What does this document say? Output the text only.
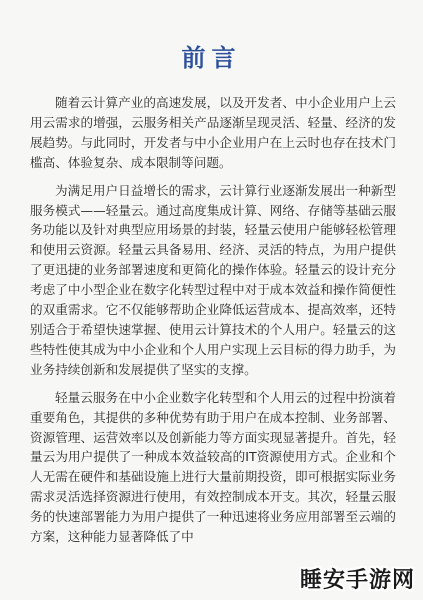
前言

随着云计算产业的高速发展，以及开发者、中小企业用户上云用云需求的增强，云服务相关产品逐渐呈现灵活、轻量、经济的发展趋势。与此同时，开发者与中小企业用户在上云时也存在技术门槛高、体验复杂、成本限制等问题。

为满足用户日益增长的需求，云计算行业逐渐发展出一种新型服务模式——轻量云。通过高度集成计算、网络、存储等基础云服务功能以及针对典型应用场景的封装，轻量云使用户能够轻松管理和使用云资源。轻量云具备易用、经济、灵活的特点，为用户提供了更迅捷的业务部署速度和更简化的操作体验。轻量云的设计充分考虑了中小型企业在数字化转型过程中对于成本效益和操作简便性的双重需求。它不仅能够帮助企业降低运营成本、提高效率，还特别适合于希望快速掌握、使用云计算技术的个人用户。轻量云的这些特性使其成为中小企业和个人用户实现上云目标的得力助手，为业务持续创新和发展提供了坚实的支撑。

轻量云服务在中小企业数字化转型和个人用云的过程中扮演着重要角色，其提供的多种优势有助于用户在成本控制、业务部署、资源管理、运营效率以及创新能力等方面实现显著提升。首先，轻量云为用户提供了一种成本效益较高的IT资源使用方式。企业和个人无需在硬件和基础设施上进行大量前期投资，即可根据实际业务需求灵活选择资源进行使用，有效控制成本开支。其次，轻量云服务的快速部署能力为用户提供了一种迅速将业务应用部署至云端的方案，这种能力显著降低了中

睡安手游网
